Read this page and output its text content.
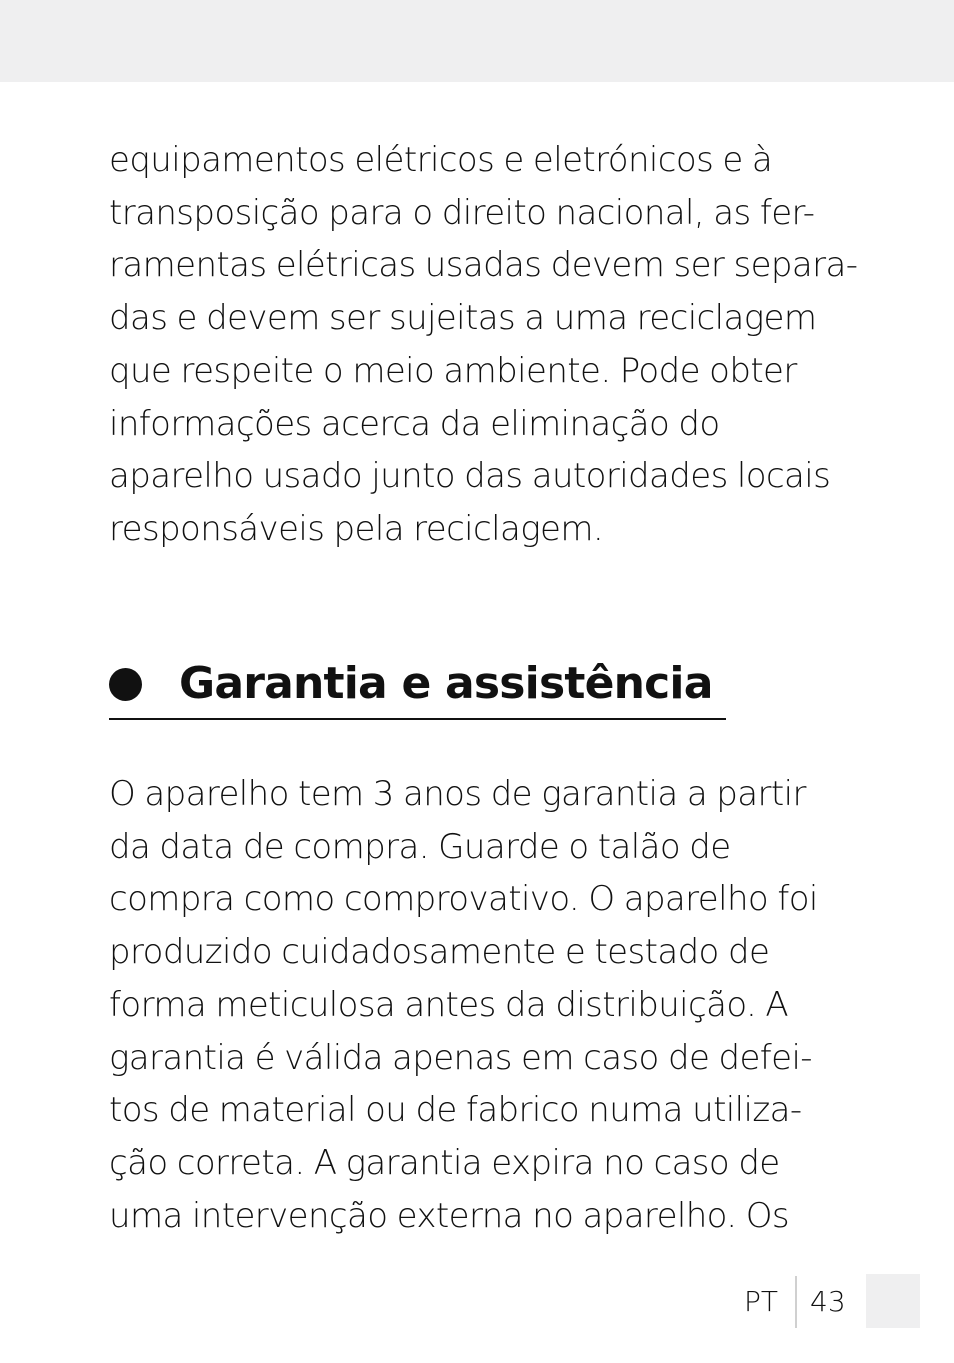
equipamentos elétricos e eletrónicos e à
transposição para o direito nacional, as fer-
ramentas elétricas usadas devem ser separa-
das e devem ser sujeitas a uma reciclagem
que respeite o meio ambiente. Pode obter
informações acerca da eliminação do
aparelho usado junto das autoridades locais
responsáveis pela reciclagem.
Garantia e assistência
O aparelho tem 3 anos de garantia a partir
da data de compra. Guarde o talão de
compra como comprovativo. O aparelho foi
produzido cuidadosamente e testado de
forma meticulosa antes da distribuição. A
garantia é válida apenas em caso de defei-
tos de material ou de fabrico numa utiliza-
ção correta. A garantia expira no caso de
uma intervenção externa no aparelho. Os
PT 43
